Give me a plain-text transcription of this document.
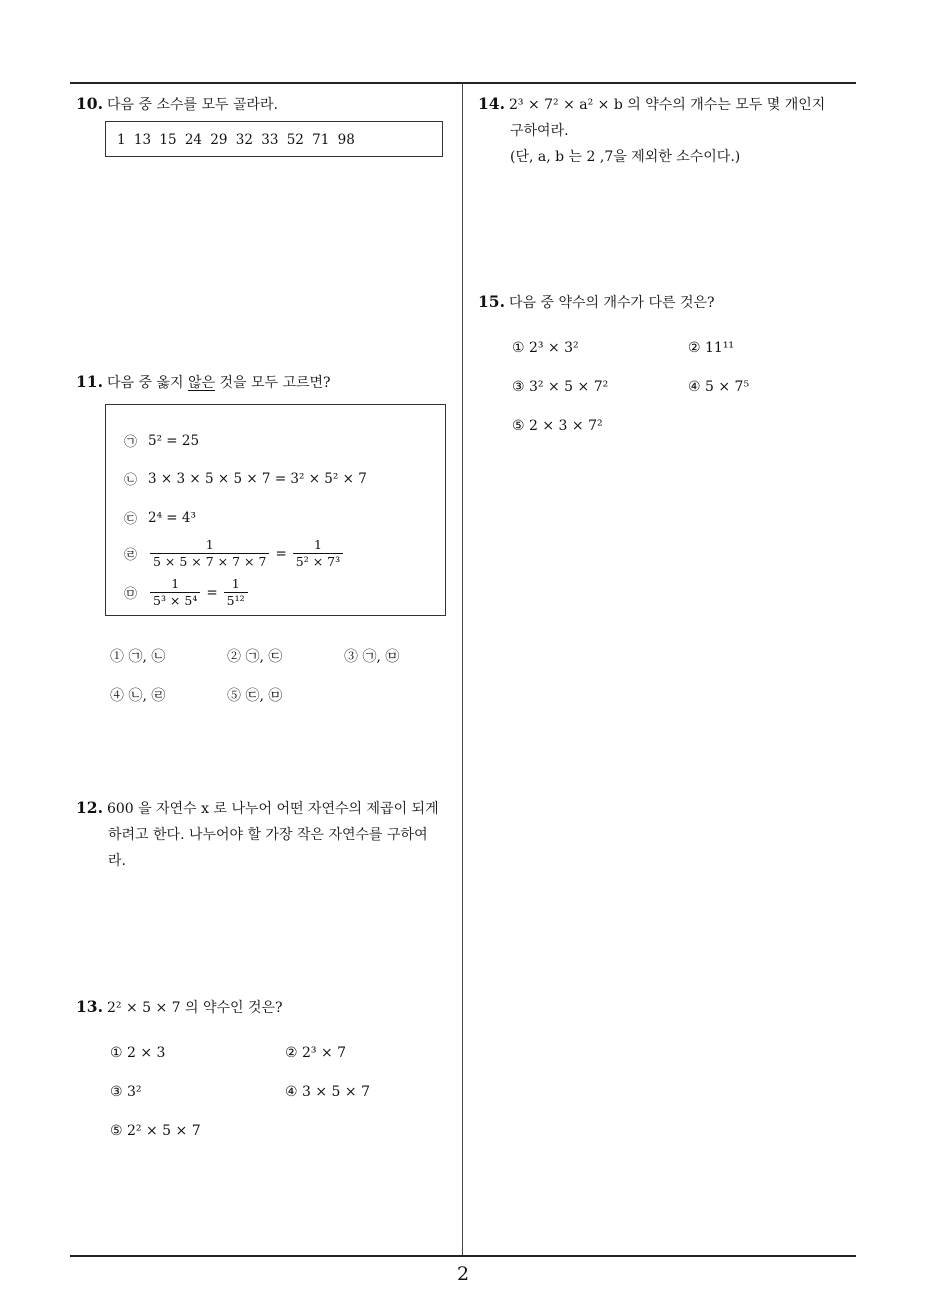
10. 다음 중 소수를 모두 골라라.
1 13 15 24 29 32 33 52 71 98
11. 다음 중 옳지 않은 것을 모두 고르면?
㉠ 5² = 25
㉡ 3 × 3 × 5 × 5 × 7 = 3² × 5² × 7
㉢ 2⁴ = 4³
㉣	$\frac{1}{5 \times 5 \times 7 \times 7 \times 7} = \frac{1}{\text{5² × 7³}}$
㉤	$\frac{1}{\text{5³ × 5⁴}} = \frac{1}{\text{5¹²}}$
① ㉠, ㉡	② ㉠, ㉢	③ ㉠, ㉤
④ ㉡, ㉣	⑤ ㉢, ㉤
12. 600 을 자연수 x 로 나누어 어떤 자연수의 제곱이 되게
하려고 한다. 나누어야 할 가장 작은 자연수를 구하여
라.
13. 2² × 5 × 7 의 약수인 것은?
① 2 × 3	② 2³ × 7
③ 3²	④ 3 × 5 × 7
⑤ 2² × 5 × 7
14. 2³ × 7² × a² × b 의 약수의 개수는 모두 몇 개인지
구하여라.
(단, a, b 는 2 ,7을 제외한 소수이다.)
15. 다음 중 약수의 개수가 다른 것은?
① 2³ × 3²	② 11¹¹
③ 3² × 5 × 7²	④ 5 × 7⁵
⑤ 2 × 3 × 7²
2
